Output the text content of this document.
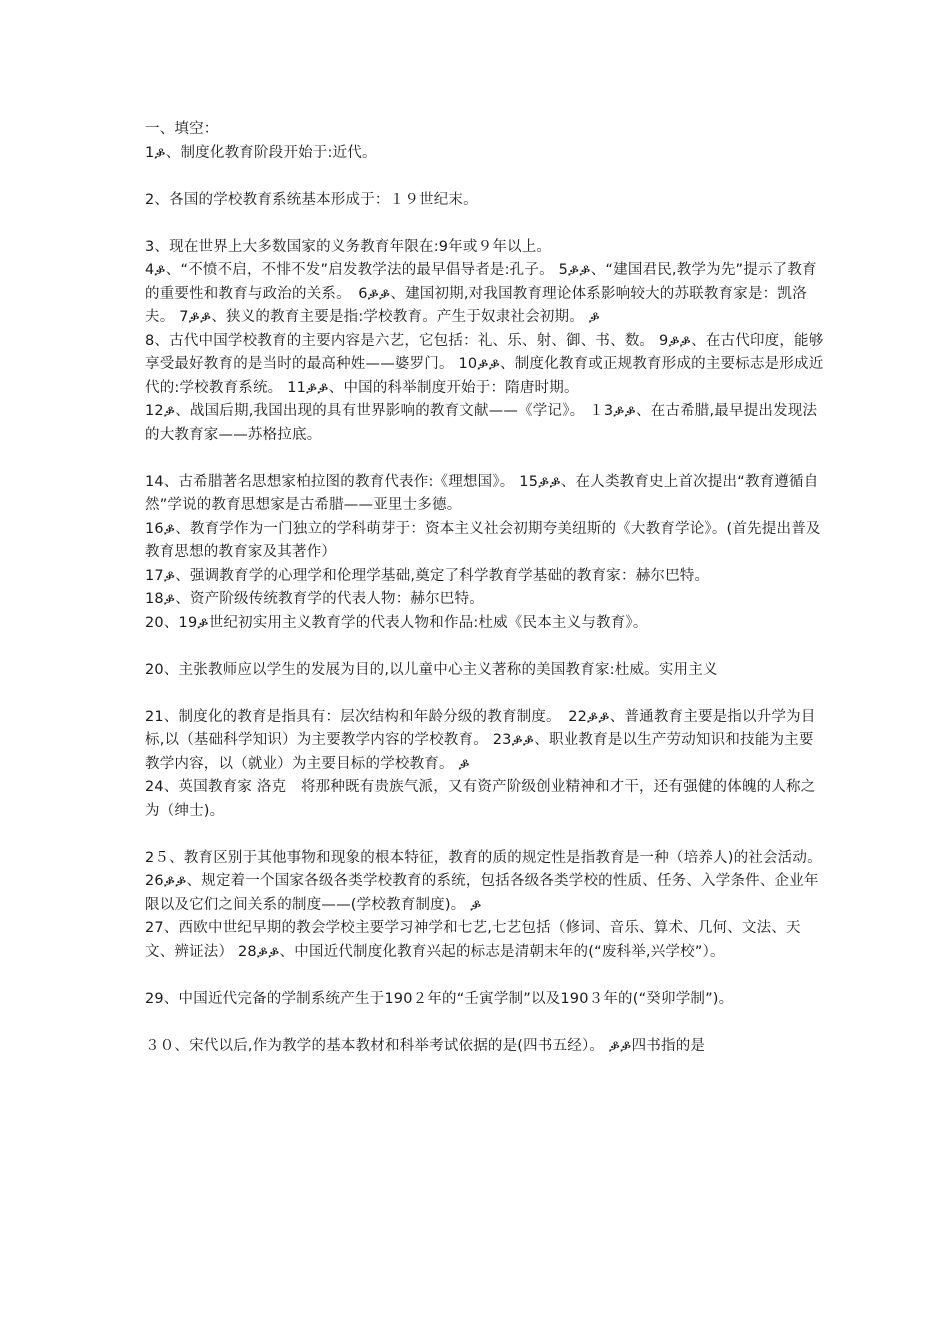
一、填空：

1ቇ、制度化教育阶段开始于:近代。

2、各国的学校教育系统基本形成于：１９世纪末。

3、现在世界上大多数国家的义务教育年限在:9年或９年以上。

4ቇ、“不愤不启，不悱不发”启发教学法的最早倡导者是:孔子。 5ቇቇ、“建国君民,教学为先”提示了教育的重要性和教育与政治的关系。　6ቇቇ、建国初期,对我国教育理论体系影响较大的苏联教育家是：凯洛夫。 7ቇቇ、狭义的教育主要是指:学校教育。产生于奴隶社会初期。 ቇ

8、古代中国学校教育的主要内容是六艺，它包括：礼、乐、射、御、书、数。 9ቇቇ、在古代印度，能够享受最好教育的是当时的最高种姓——婆罗门。 10ቇቇ、制度化教育或正规教育形成的主要标志是形成近代的:学校教育系统。 11ቇቇ、中国的科举制度开始于：隋唐时期。

12ቇ、战国后期,我国出现的具有世界影响的教育文献——《学记》。 １3ቇቇ、在古希腊,最早提出发现法的大教育家——苏格拉底。

14、古希腊著名思想家柏拉图的教育代表作:《理想国》。 15ቇቇ、在人类教育史上首次提出“教育遵循自然”学说的教育思想家是古希腊——亚里士多德。

16ቇ、教育学作为一门独立的学科萌芽于：资本主义社会初期夸美纽斯的《大教育学论》。(首先提出普及教育思想的教育家及其著作）

17ቇ、强调教育学的心理学和伦理学基础,奠定了科学教育学基础的教育家：赫尔巴特。

18ቇ、资产阶级传统教育学的代表人物：赫尔巴特。

20、19ቇ世纪初实用主义教育学的代表人物和作品:杜威《民本主义与教育》。

20、主张教师应以学生的发展为目的,以儿童中心主义著称的美国教育家:杜威。实用主义

21、制度化的教育是指具有：层次结构和年龄分级的教育制度。　22ቇቇ、普通教育主要是指以升学为目标,以（基础科学知识）为主要教学内容的学校教育。 23ቇቇ、职业教育是以生产劳动知识和技能为主要教学内容，以（就业）为主要目标的学校教育。 ቇ

24、英国教育家 洛克　将那种既有贵族气派，又有资产阶级创业精神和才干，还有强健的体魄的人称之为（绅士)。

2５、教育区别于其他事物和现象的根本特征，教育的质的规定性是指教育是一种（培养人)的社会活动。　26ቇቇ、规定着一个国家各级各类学校教育的系统，包括各级各类学校的性质、任务、入学条件、企业年限以及它们之间关系的制度——(学校教育制度)。 ቇ

27、西欧中世纪早期的教会学校主要学习神学和七艺,七艺包括（修词、音乐、算术、几何、文法、天文、辨证法） 28ቇቇ、中国近代制度化教育兴起的标志是清朝末年的(“废科举,兴学校”）。

29、中国近代完备的学制系统产生于190２年的“壬寅学制”以及190３年的(“癸卯学制”)。

３０、宋代以后,作为教学的基本教材和科举考试依据的是(四书五经）。 ቇቇ四书指的是
